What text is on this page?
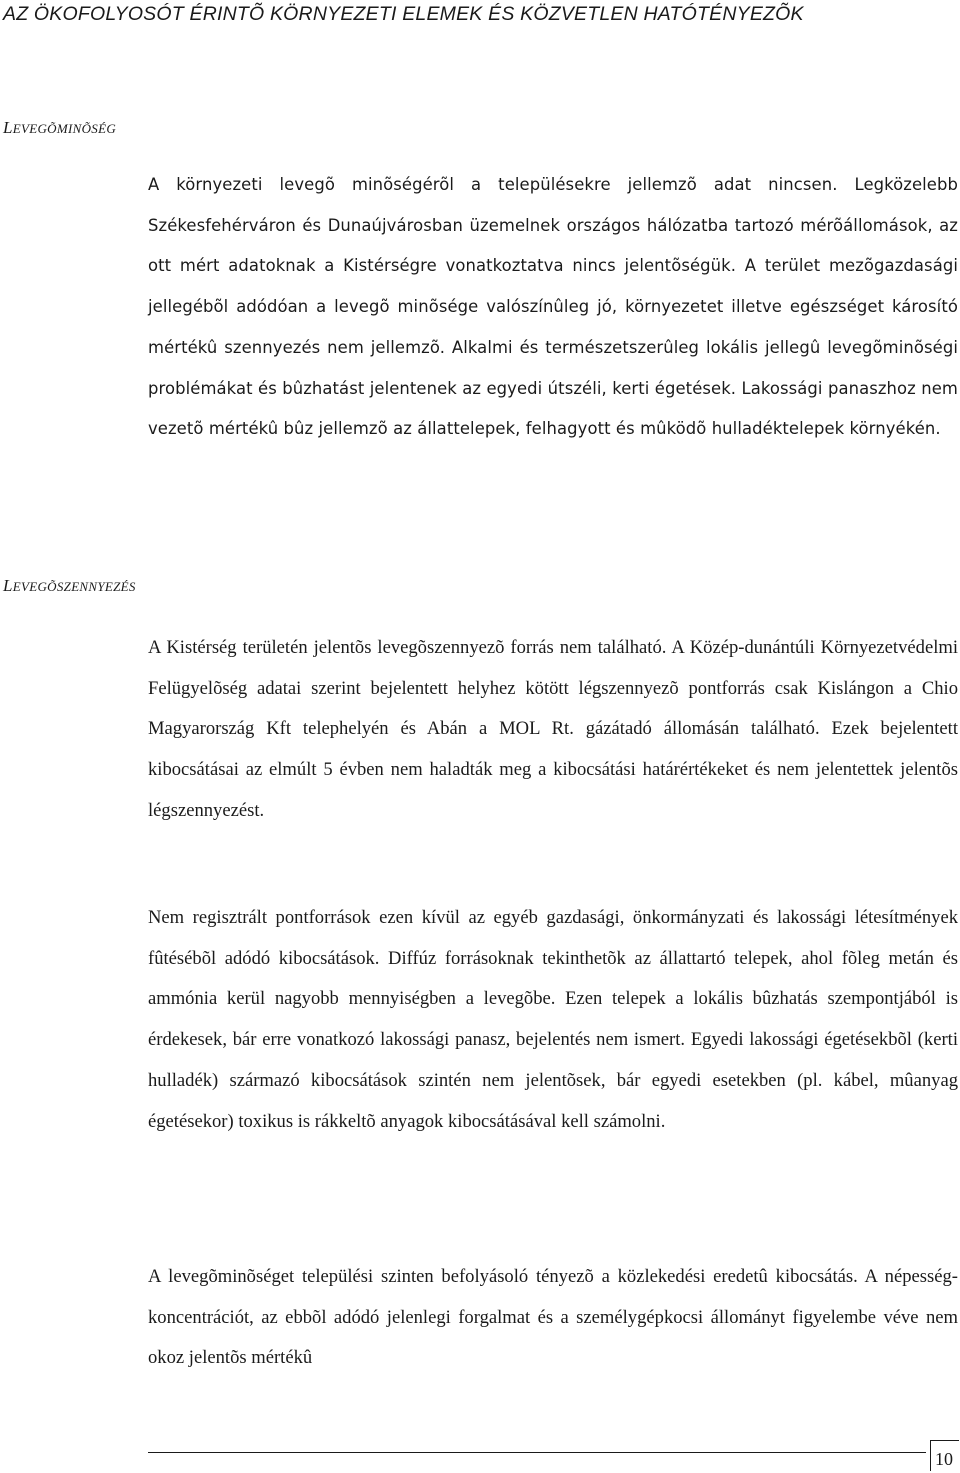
AZ ÖKOFOLYOSÓT ÉRINTÕ KÖRNYEZETI ELEMEK ÉS KÖZVETLEN HATÓTÉNYEZÕK
LEVEGÕMINÕSÉG

A környezeti levegõ minõségérõl a településekre jellemzõ adat nincsen. Legközelebb Székesfehérváron és Dunaújvárosban üzemelnek országos hálózatba tartozó mérõállomások, az ott mért adatoknak a Kistérségre vonatkoztatva nincs jelentõségük. A terület mezõgazdasági jellegébõl adódóan a levegõ minõsége valószínûleg jó, környezetet illetve egészséget károsító mértékû szennyezés nem jellemzõ. Alkalmi és természetszerûleg lokális jellegû levegõminõségi problémákat és bûzhatást jelentenek az egyedi útszéli, kerti égetések. Lakossági panaszhoz nem vezetõ mértékû bûz jellemzõ az állattelepek, felhagyott és mûködõ hulladéktelepek környékén.

LEVEGÕSZENNYEZÉS

A Kistérség területén jelentõs levegõszennyezõ forrás nem található. A Közép-dunántúli Környezetvédelmi Felügyelõség adatai szerint bejelentett helyhez kötött légszennyezõ pontforrás csak Kislángon a Chio Magyarország Kft telephelyén és Abán a MOL Rt. gázátadó állomásán található. Ezek bejelentett kibocsátásai az elmúlt 5 évben nem haladták meg a kibocsátási határértékeket és nem jelentettek jelentõs légszennyezést.

Nem regisztrált pontforrások ezen kívül az egyéb gazdasági, önkormányzati és lakossági létesítmények fûtésébõl adódó kibocsátások. Diffúz forrásoknak tekinthetõk az állattartó telepek, ahol fõleg metán és ammónia kerül nagyobb mennyiségben a levegõbe. Ezen telepek a lokális bûzhatás szempontjából is érdekesek, bár erre vonatkozó lakossági panasz, bejelentés nem ismert. Egyedi lakossági égetésekbõl (kerti hulladék) származó kibocsátások szintén nem jelentõsek, bár egyedi esetekben (pl. kábel, mûanyag égetésekor) toxikus is rákkeltõ anyagok kibocsátásával kell számolni.

A levegõminõséget települési szinten befolyásoló tényezõ a közlekedési eredetû kibocsátás. A népesség-koncentrációt, az ebbõl adódó jelenlegi forgalmat és a személygépkocsi állományt figyelembe véve nem okoz jelentõs mértékû

10
